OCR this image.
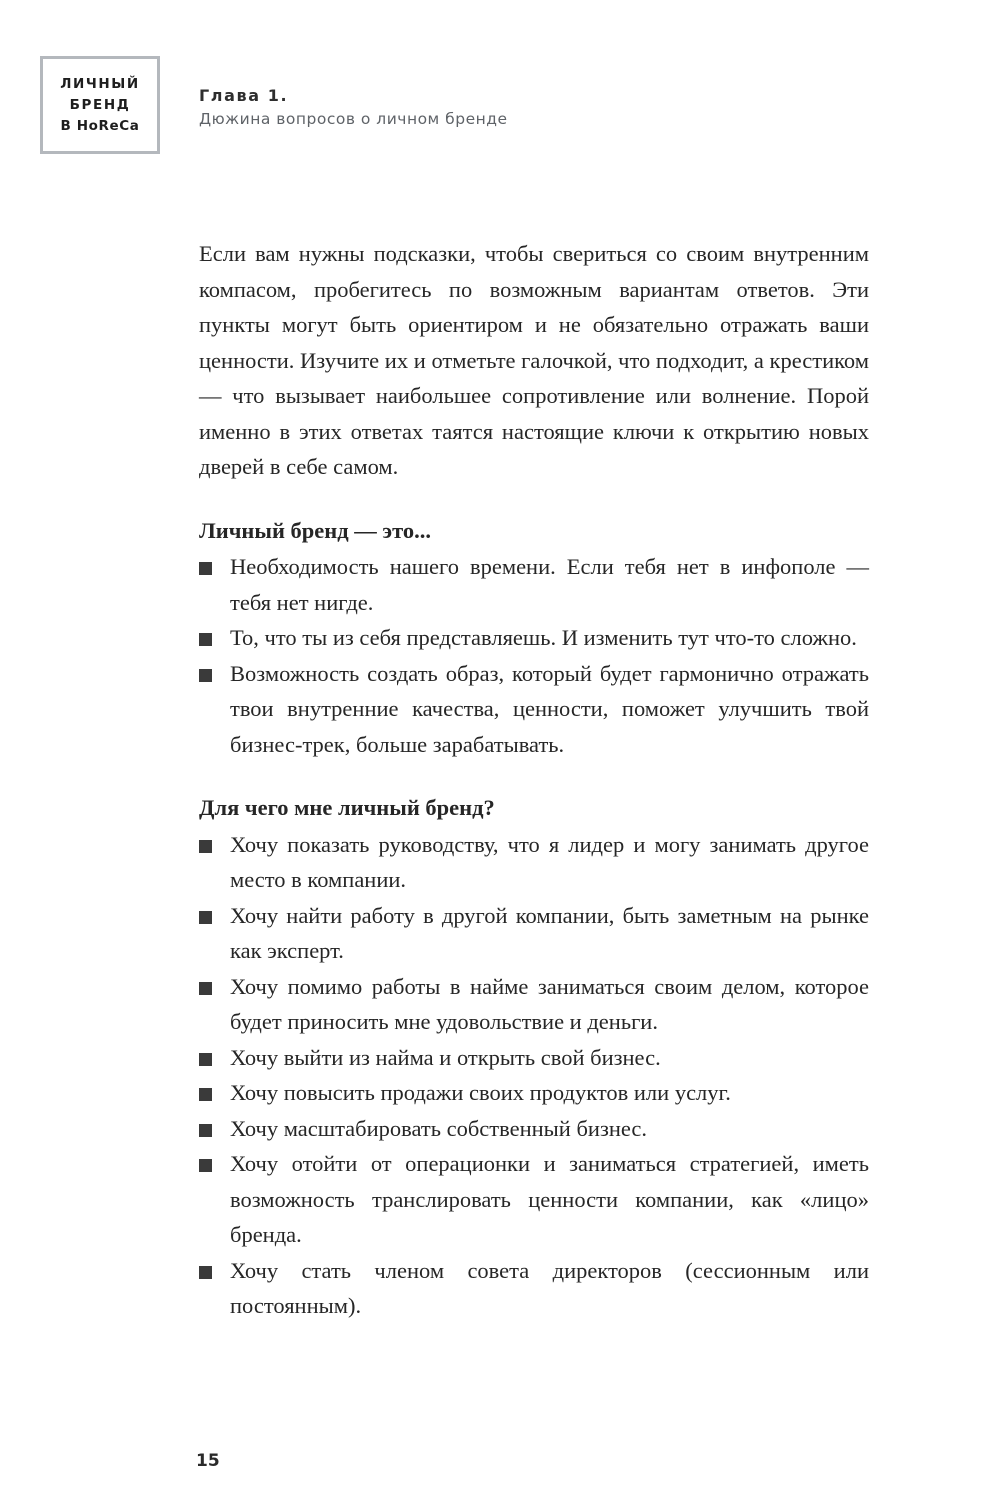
ЛИЧНЫЙ
БРЕНД
В HoReCa
Глава 1.
Дюжина вопросов о личном бренде

Если вам нужны подсказки, чтобы свериться со своим внутренним компасом, пробегитесь по возможным вариантам ответов. Эти пункты могут быть ориентиром и не обязательно отражать ваши ценности. Изучите их и отметьте галочкой, что подходит, а крестиком — что вызывает наибольшее сопротивление или волнение. Порой именно в этих ответах таятся настоящие ключи к открытию новых дверей в себе самом.

Личный бренд — это...
Необходимость нашего времени. Если тебя нет в инфополе — тебя нет нигде.
То, что ты из себя представляешь. И изменить тут что-то сложно.
Возможность создать образ, который будет гармонично отражать твои внутренние качества, ценности, поможет улучшить твой бизнес-трек, больше зарабатывать.
Для чего мне личный бренд?
Хочу показать руководству, что я лидер и могу занимать другое место в компании.
Хочу найти работу в другой компании, быть заметным на рынке как эксперт.
Хочу помимо работы в найме заниматься своим делом, которое будет приносить мне удовольствие и деньги.
Хочу выйти из найма и открыть свой бизнес.
Хочу повысить продажи своих продуктов или услуг.
Хочу масштабировать собственный бизнес.
Хочу отойти от операционки и заниматься стратегией, иметь возможность транслировать ценности компании, как «лицо» бренда.
Хочу стать членом совета директоров (сессионным или постоянным).
15
